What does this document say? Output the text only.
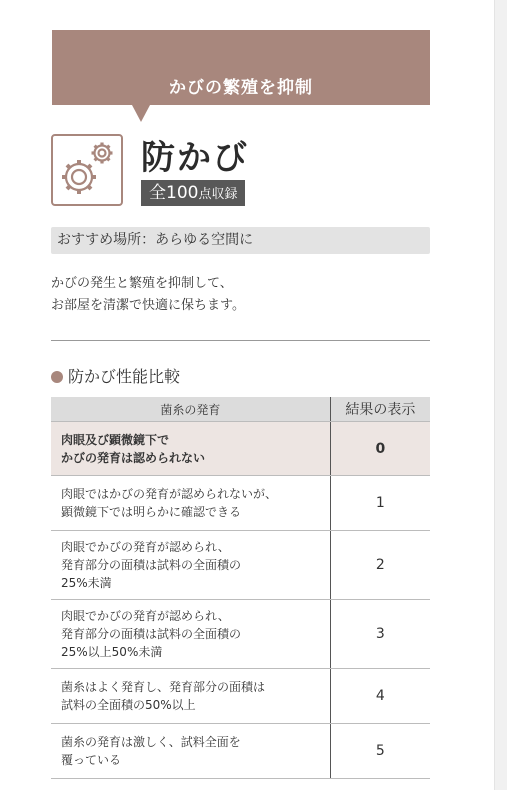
かびの繁殖を抑制
防かび
全100点収録
おすすめ場所：あらゆる空間に
かびの発生と繁殖を抑制して、
お部屋を清潔で快適に保ちます。
防かび性能比較
菌糸の発育	結果の表示

肉眼及び顕微鏡下で
かびの発育は認められない	0

肉眼ではかびの発育が認められないが、
顕微鏡下では明らかに確認できる	1

肉眼でかびの発育が認められ、
発育部分の面積は試料の全面積の
25%未満	2

肉眼でかびの発育が認められ、
発育部分の面積は試料の全面積の
25%以上50%未満	3

菌糸はよく発育し、発育部分の面積は
試料の全面積の50%以上	4

菌糸の発育は激しく、試料全面を
覆っている	5
